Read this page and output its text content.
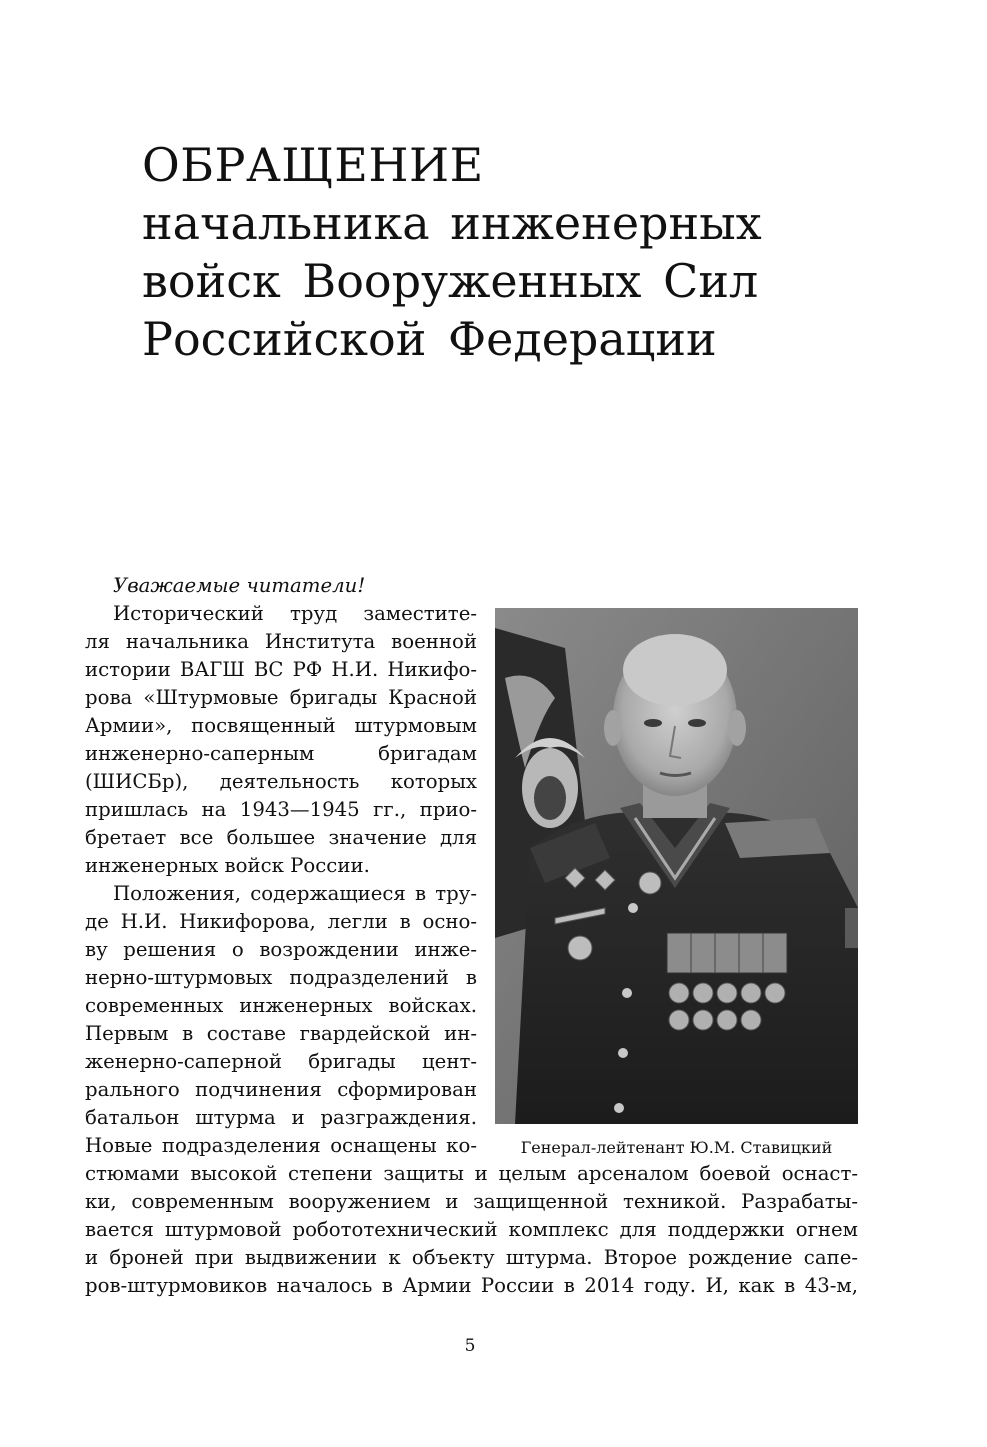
ОБРАЩЕНИЕ
начальника инженерных
войск Вооруженных Сил
Российской Федерации
Уважаемые читатели!
Исторический труд заместите-
ля начальника Института военной
истории ВАГШ ВС РФ Н.И. Никифо-
рова «Штурмовые бригады Красной
Армии», посвященный штурмовым
инженерно-саперным бригадам
(ШИСБр), деятельность которых
пришлась на 1943—1945 гг., прио-
бретает все большее значение для
инженерных войск России.
Положения, содержащиеся в тру-
де Н.И. Никифорова, легли в осно-
ву решения о возрождении инже-
нерно-штурмовых подразделений в
современных инженерных войсках.
Первым в составе гвардейской ин-
женерно-саперной бригады цент-
рального подчинения сформирован
батальон штурма и разграждения.
Новые подразделения оснащены ко-
стюмами высокой степени защиты и целым арсеналом боевой оснаст-
ки, современным вооружением и защищенной техникой. Разрабаты-
вается штурмовой робототехнический комплекс для поддержки огнем
и броней при выдвижении к объекту штурма. Второе рождение сапе-
ров-штурмовиков началось в Армии России в 2014 году. И, как в 43-м,
Генерал-лейтенант Ю.М. Ставицкий
5
